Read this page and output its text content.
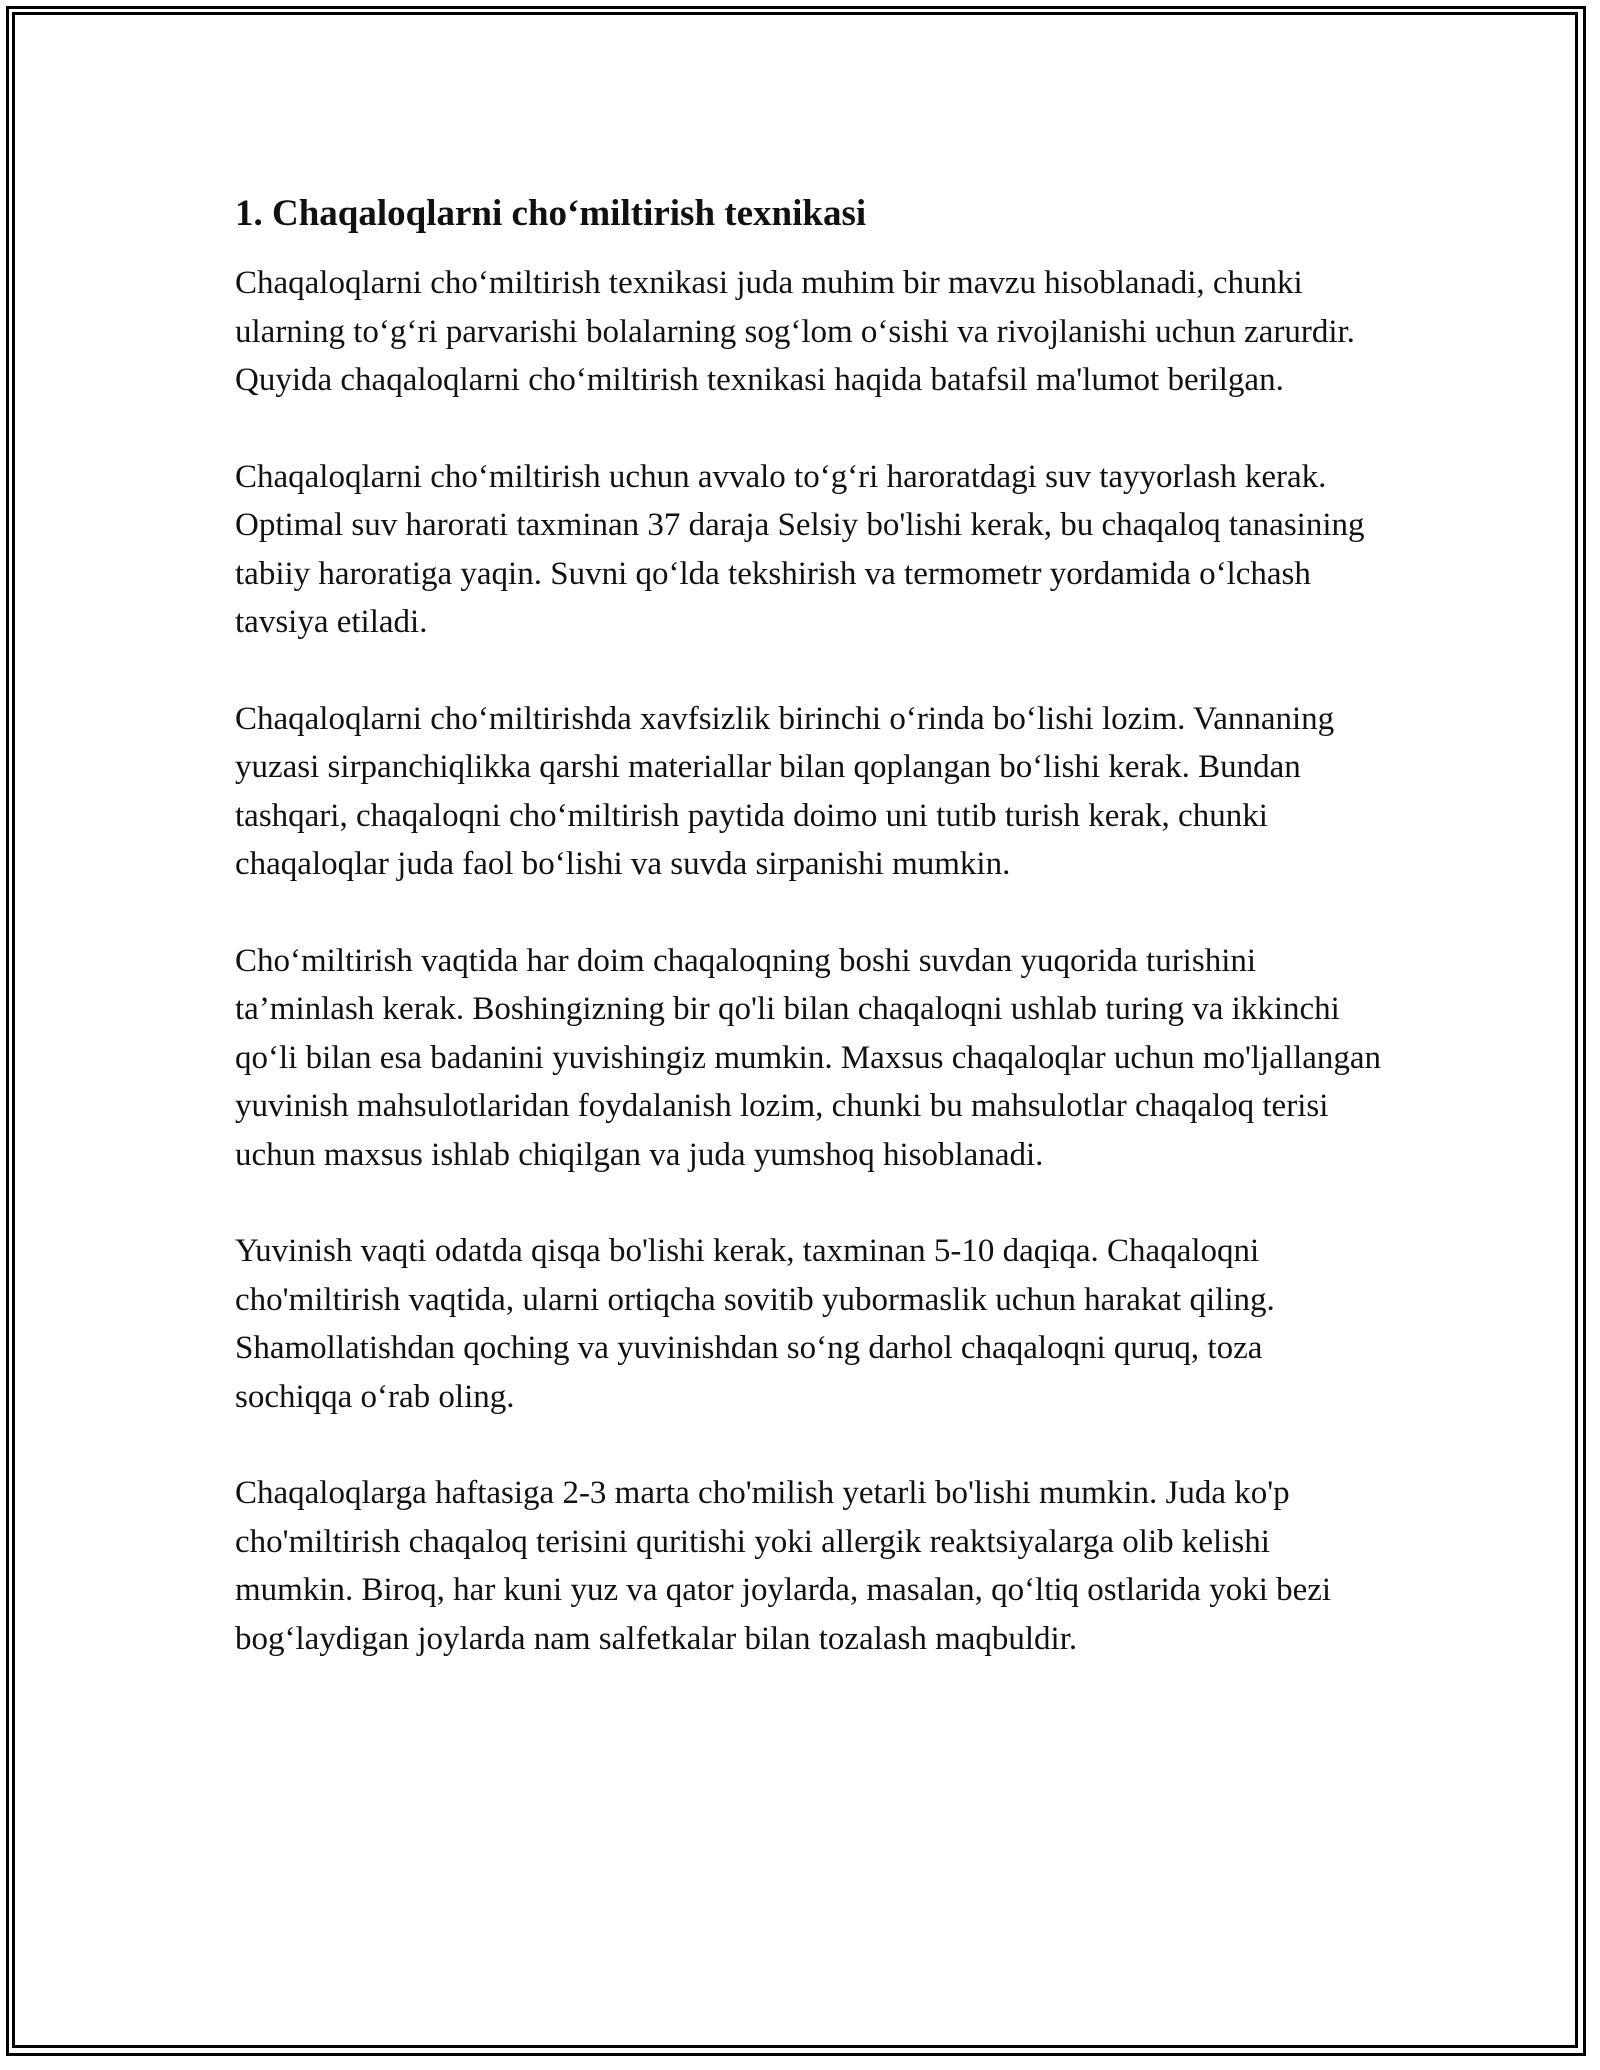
1. Chaqaloqlarni cho‘miltirish texnikasi

Chaqaloqlarni cho‘miltirish texnikasi juda muhim bir mavzu hisoblanadi, chunki ularning to‘g‘ri parvarishi bolalarning sog‘lom o‘sishi va rivojlanishi uchun zarurdir. Quyida chaqaloqlarni cho‘miltirish texnikasi haqida batafsil ma'lumot berilgan.

Chaqaloqlarni cho‘miltirish uchun avvalo to‘g‘ri haroratdagi suv tayyorlash kerak. Optimal suv harorati taxminan 37 daraja Selsiy bo'lishi kerak, bu chaqaloq tanasining tabiiy haroratiga yaqin. Suvni qo‘lda tekshirish va termometr yordamida o‘lchash tavsiya etiladi.

Chaqaloqlarni cho‘miltirishda xavfsizlik birinchi o‘rinda bo‘lishi lozim. Vannaning yuzasi sirpanchiqlikka qarshi materiallar bilan qoplangan bo‘lishi kerak. Bundan tashqari, chaqaloqni cho‘miltirish paytida doimo uni tutib turish kerak, chunki chaqaloqlar juda faol bo‘lishi va suvda sirpanishi mumkin.

Cho‘miltirish vaqtida har doim chaqaloqning boshi suvdan yuqorida turishini ta’minlash kerak. Boshingizning bir qo'li bilan chaqaloqni ushlab turing va ikkinchi qo‘li bilan esa badanini yuvishingiz mumkin. Maxsus chaqaloqlar uchun mo'ljallangan yuvinish mahsulotlaridan foydalanish lozim, chunki bu mahsulotlar chaqaloq terisi uchun maxsus ishlab chiqilgan va juda yumshoq hisoblanadi.

Yuvinish vaqti odatda qisqa bo'lishi kerak, taxminan 5-10 daqiqa. Chaqaloqni cho'miltirish vaqtida, ularni ortiqcha sovitib yubormaslik uchun harakat qiling. Shamollatishdan qoching va yuvinishdan so‘ng darhol chaqaloqni quruq, toza sochiqqa o‘rab oling.

Chaqaloqlarga haftasiga 2-3 marta cho'milish yetarli bo'lishi mumkin. Juda ko'p cho'miltirish chaqaloq terisini quritishi yoki allergik reaktsiyalarga olib kelishi mumkin. Biroq, har kuni yuz va qator joylarda, masalan, qo‘ltiq ostlarida yoki bezi bog‘laydigan joylarda nam salfetkalar bilan tozalash maqbuldir.
